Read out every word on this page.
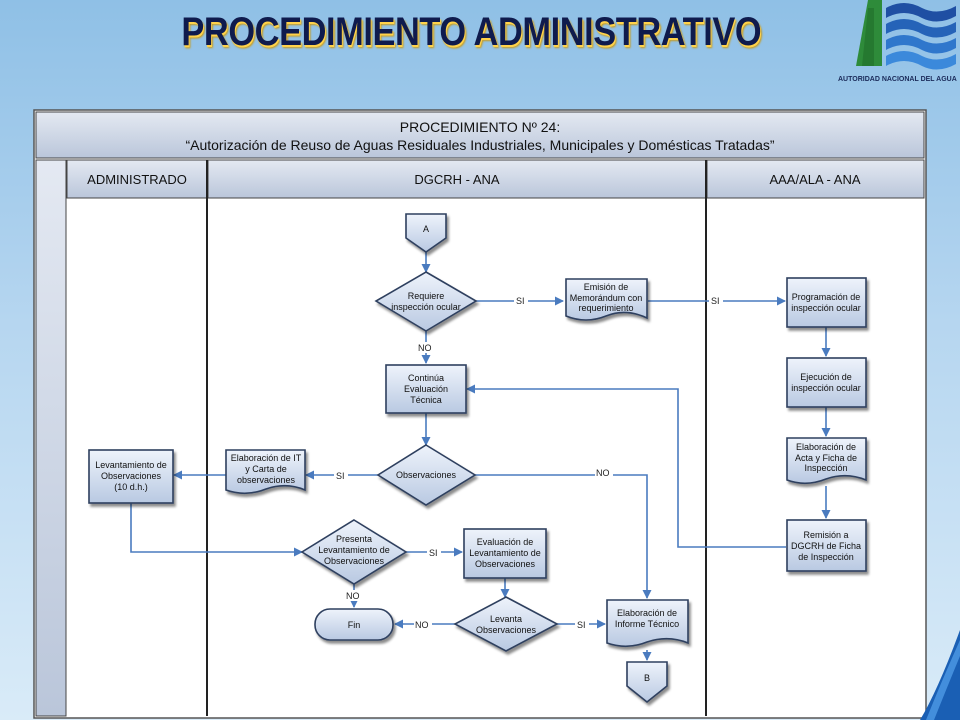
PROCEDIMIENTO ADMINISTRATIVO
AUTORIDAD NACIONAL DEL AGUA
PROCEDIMIENTO Nº 24:
“Autorización de Reuso de Aguas Residuales Industriales, Municipales y Domésticas Tratadas”
ADMINISTRADO	DGCRH - ANA	AAA/ALA - ANA
SI	SI
NO
SI	NO
SI
NO
NO	SI
A
B
Requiere
inspección ocular
Emisión de
Memorándum con
requerimiento
Programación de
inspección ocular
Ejecución de
inspección ocular
Elaboración de
Acta y Ficha de
Inspección
Remisión a
DGCRH de Ficha
de Inspección
Continúa
Evaluación
Técnica
Observaciones
Elaboración de IT
y Carta de
observaciones
Levantamiento de
Observaciones
(10 d.h.)
Presenta
Levantamiento de
Observaciones
Evaluación de
Levantamiento de
Observaciones
Levanta
Observaciones
Fin
Elaboración de
Informe Técnico
